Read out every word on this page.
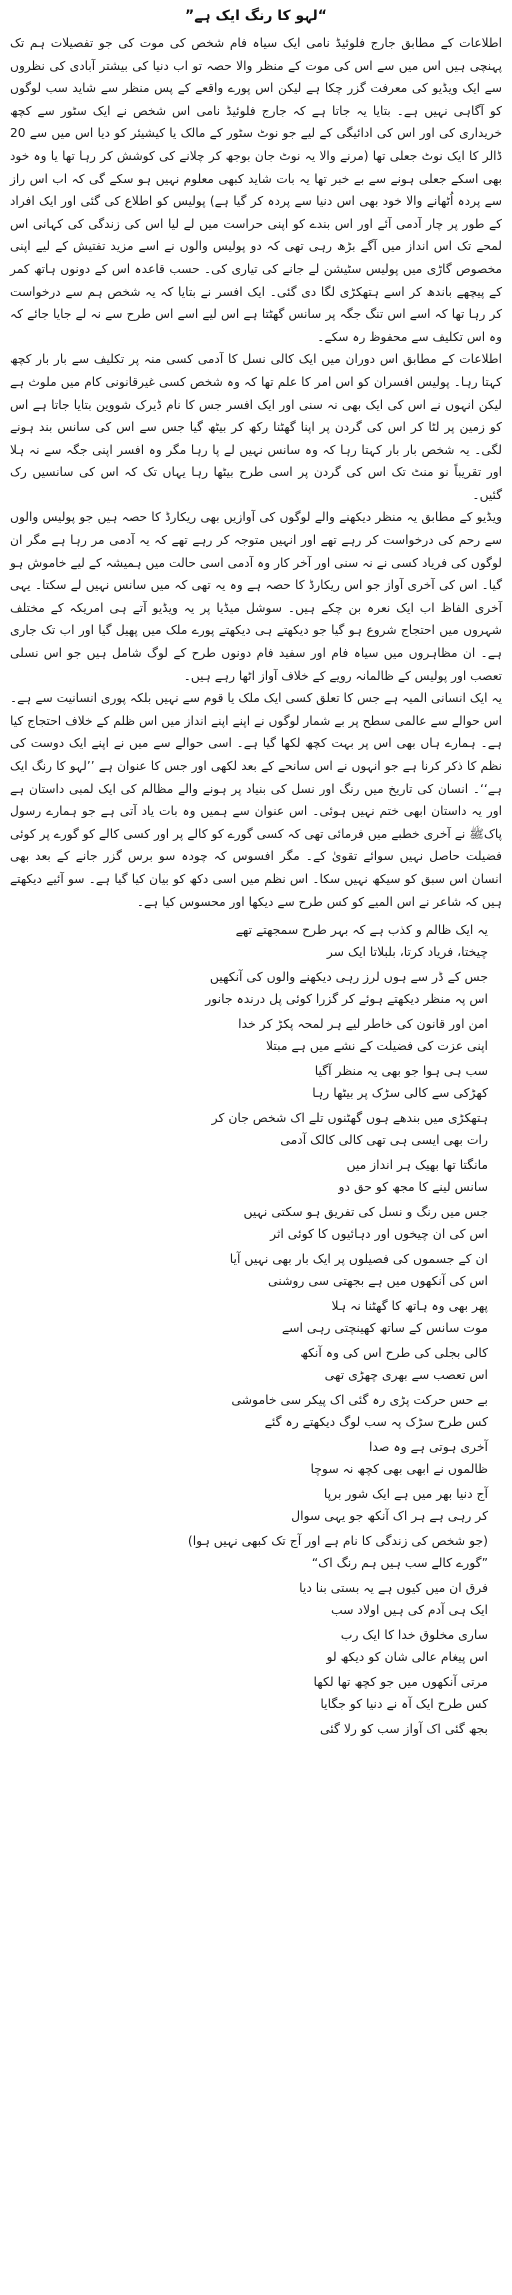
”لہو کا رنگ ایک ہے“

اطلاعات کے مطابق جارج فلوئیڈ نامی ایک سیاہ فام شخص کی موت کی جو تفصیلات ہم تک پہنچی ہیں اس میں سے اس کی موت کے منظر والا حصہ تو اب دنیا کی بیشتر آبادی کی نظروں سے ایک ویڈیو کی معرفت گزر چکا ہے لیکن اس پورے واقعے کے پس منظر سے شاید سب لوگوں کو آگاہی نہیں ہے۔ بتایا یہ جاتا ہے کہ جارج فلوئیڈ نامی اس شخص نے ایک سٹور سے کچھ خریداری کی اور اس کی ادائیگی کے لیے جو نوٹ سٹور کے مالک یا کیشیئر کو دیا اس میں سے 20 ڈالر کا ایک نوٹ جعلی تھا (مرنے والا یہ نوٹ جان بوجھ کر چلانے کی کوشش کر رہا تھا یا وہ خود بھی اسکے جعلی ہونے سے بے خبر تھا یہ بات شاید کبھی معلوم نہیں ہو سکے گی کہ اب اس راز سے پردہ اُٹھانے والا خود بھی اس دنیا سے پردہ کر گیا ہے) پولیس کو اطلاع کی گئی اور ایک افراد کے طور پر چار آدمی آئے اور اس بندے کو اپنی حراست میں لے لیا اس کی زندگی کی کہانی اس لمحے تک اس انداز میں آگے بڑھ رہی تھی کہ دو پولیس والوں نے اسے مزید تفتیش کے لیے اپنی مخصوص گاڑی میں پولیس سٹیشن لے جانے کی تیاری کی۔ حسب قاعدہ اس کے دونوں ہاتھ کمر کے پیچھے باندھ کر اسے ہتھکڑی لگا دی گئی۔ ایک افسر نے بتایا کہ یہ شخص ہم سے درخواست کر رہا تھا کہ اسے اس تنگ جگہ پر سانس گھٹتا ہے اس لیے اسے اس طرح سے نہ لے جایا جائے کہ وہ اس تکلیف سے محفوظ رہ سکے۔

اطلاعات کے مطابق اس دوران میں ایک کالی نسل کا آدمی کسی منہ پر تکلیف سے بار بار کچھ کہتا رہا۔ پولیس افسران کو اس امر کا علم تھا کہ وہ شخص کسی غیرقانونی کام میں ملوث ہے لیکن انہوں نے اس کی ایک بھی نہ سنی اور ایک افسر جس کا نام ڈیرک شووین بتایا جاتا ہے اس کو زمین پر لٹا کر اس کی گردن پر اپنا گھٹنا رکھ کر بیٹھ گیا جس سے اس کی سانس بند ہونے لگی۔ یہ شخص بار بار کہتا رہا کہ وہ سانس نہیں لے پا رہا مگر وہ افسر اپنی جگہ سے نہ ہلا اور تقریباً نو منٹ تک اس کی گردن پر اسی طرح بیٹھا رہا یہاں تک کہ اس کی سانسیں رک گئیں۔

ویڈیو کے مطابق یہ منظر دیکھنے والے لوگوں کی آوازیں بھی ریکارڈ کا حصہ ہیں جو پولیس والوں سے رحم کی درخواست کر رہے تھے اور انہیں متوجہ کر رہے تھے کہ یہ آدمی مر رہا ہے مگر ان لوگوں کی فریاد کسی نے نہ سنی اور آخر کار وہ آدمی اسی حالت میں ہمیشہ کے لیے خاموش ہو گیا۔ اس کی آخری آواز جو اس ریکارڈ کا حصہ ہے وہ یہ تھی کہ میں سانس نہیں لے سکتا۔ یہی آخری الفاظ اب ایک نعرہ بن چکے ہیں۔ سوشل میڈیا پر یہ ویڈیو آتے ہی امریکہ کے مختلف شہروں میں احتجاج شروع ہو گیا جو دیکھتے ہی دیکھتے پورے ملک میں پھیل گیا اور اب تک جاری ہے۔ ان مظاہروں میں سیاہ فام اور سفید فام دونوں طرح کے لوگ شامل ہیں جو اس نسلی تعصب اور پولیس کے ظالمانہ رویے کے خلاف آواز اٹھا رہے ہیں۔

یہ ایک انسانی المیہ ہے جس کا تعلق کسی ایک ملک یا قوم سے نہیں بلکہ پوری انسانیت سے ہے۔ اس حوالے سے عالمی سطح پر بے شمار لوگوں نے اپنے اپنے انداز میں اس ظلم کے خلاف احتجاج کیا ہے۔ ہمارے ہاں بھی اس پر بہت کچھ لکھا گیا ہے۔ اسی حوالے سے میں نے اپنے ایک دوست کی نظم کا ذکر کرنا ہے جو انہوں نے اس سانحے کے بعد لکھی اور جس کا عنوان ہے ’’لہو کا رنگ ایک ہے‘‘۔ انسان کی تاریخ میں رنگ اور نسل کی بنیاد پر ہونے والے مظالم کی ایک لمبی داستان ہے اور یہ داستان ابھی ختم نہیں ہوئی۔ اس عنوان سے ہمیں وہ بات یاد آتی ہے جو ہمارے رسول پاکﷺ نے آخری خطبے میں فرمائی تھی کہ کسی گورے کو کالے پر اور کسی کالے کو گورے پر کوئی فضیلت حاصل نہیں سوائے تقویٰ کے۔ مگر افسوس کہ چودہ سو برس گزر جانے کے بعد بھی انسان اس سبق کو سیکھ نہیں سکا۔ اس نظم میں اسی دکھ کو بیان کیا گیا ہے۔ سو آئیے دیکھتے ہیں کہ شاعر نے اس المیے کو کس طرح سے دیکھا اور محسوس کیا ہے۔

یہ ایک ظالم و کذب ہے کہ بہر طرح سمجھتے تھے
چیختا، فریاد کرتا، بلبلاتا ایک سر
جس کے ڈر سے ہوں لرز رہی دیکھنے والوں کی آنکھیں
اس پہ منظر دیکھتے ہوئے کر گزرا کوئی پل درندہ جانور
امن اور قانون کی خاطر لیے ہر لمحہ پکڑ کر خدا
اپنی عزت کی فضیلت کے نشے میں ہے مبتلا
سب ہی ہوا جو بھی یہ منظر آگیا
کھڑکی سے کالی سڑک پر بیٹھا رہا
ہتھکڑی میں بندھے ہوں گھٹنوں تلے اک شخص جان کر
رات بھی ایسی ہی تھی کالی کالک آدمی
مانگتا تھا بھیک ہر انداز میں
سانس لینے کا مجھ کو حق دو
جس میں رنگ و نسل کی تفریق ہو سکتی نہیں
اس کی ان چیخوں اور دہائیوں کا کوئی اثر
ان کے جسموں کی فصیلوں پر ایک بار بھی نہیں آیا
اس کی آنکھوں میں ہے بجھتی سی روشنی
پھر بھی وہ ہاتھ کا گھٹنا نہ ہلا
موت سانس کے ساتھ کھینچتی رہی اسے
کالی بجلی کی طرح اس کی وہ آنکھ
اس تعصب سے بھری چھڑی تھی
بے حس حرکت پڑی رہ گئی اک پیکر سی خاموشی
کس طرح سڑک پہ سب لوگ دیکھتے رہ گئے
آخری ہوتی ہے وہ صدا
ظالموں نے ابھی بھی کچھ نہ سوچا
آج دنیا بھر میں ہے ایک شور برپا
کر رہی ہے ہر اک آنکھ جو یہی سوال
(جو شخص کی زندگی کا نام ہے اور آج تک کبھی نہیں ہوا)
”گورے کالے سب ہیں ہم رنگ اک“
فرق ان میں کیوں ہے یہ بستی بنا دیا
ایک ہی آدم کی ہیں اولاد سب
ساری مخلوق خدا کا ایک رب
اس پیغام عالی شان کو دیکھ لو
مرتی آنکھوں میں جو کچھ تھا لکھا
کس طرح ایک آہ نے دنیا کو جگایا
بجھ گئی اک آواز سب کو رلا گئی
